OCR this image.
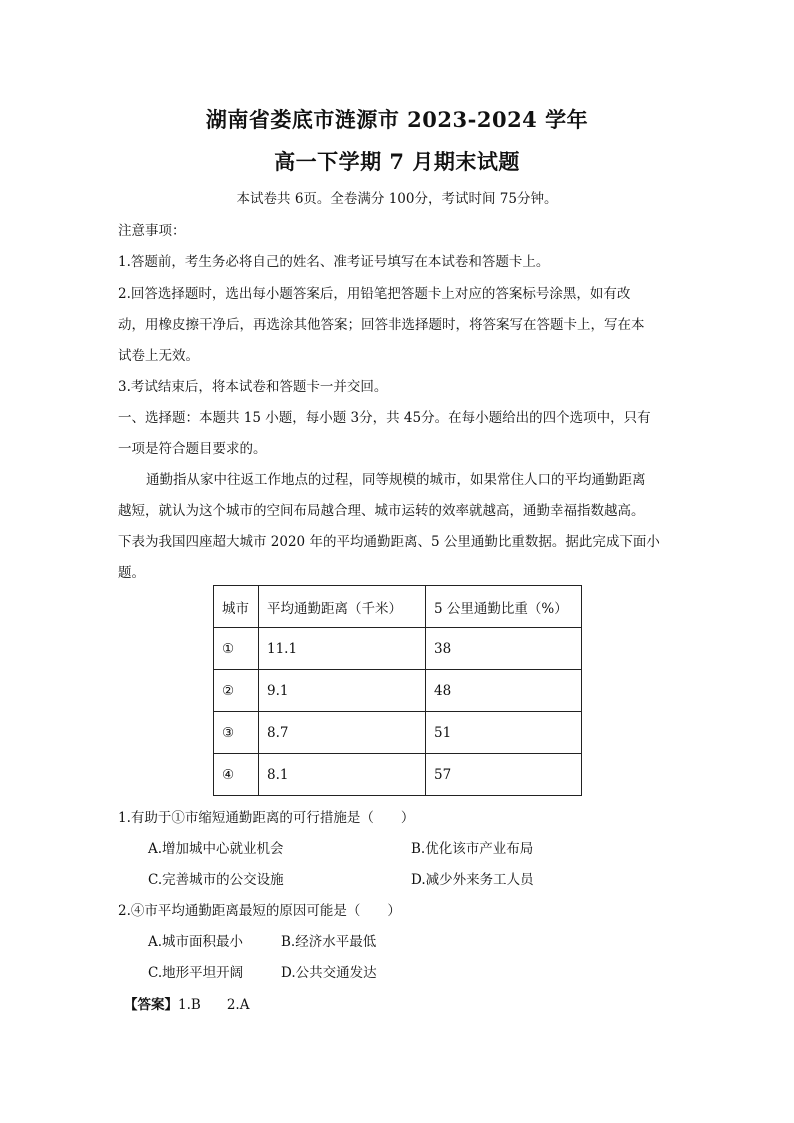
湖南省娄底市涟源市 2023-2024 学年
高一下学期 7 月期末试题
本试卷共 6页。全卷满分 100分，考试时间 75分钟。
注意事项：
1.答题前，考生务必将自己的姓名、准考证号填写在本试卷和答题卡上。
2.回答选择题时，选出每小题答案后，用铅笔把答题卡上对应的答案标号涂黑，如有改
动，用橡皮擦干净后，再选涂其他答案；回答非选择题时，将答案写在答题卡上，写在本
试卷上无效。
3.考试结束后，将本试卷和答题卡一并交回。
一、选择题：本题共 15 小题，每小题 3分，共 45分。在每小题给出的四个选项中，只有
一项是符合题目要求的。
通勤指从家中往返工作地点的过程，同等规模的城市，如果常住人口的平均通勤距离
越短，就认为这个城市的空间布局越合理、城市运转的效率就越高，通勤幸福指数越高。
下表为我国四座超大城市 2020 年的平均通勤距离、5 公里通勤比重数据。据此完成下面小
题。
城市	平均通勤距离（千米）	5 公里通勤比重（%）
①	11.1	38
②	9.1	48
③	8.7	51
④	8.1	57
1.有助于①市缩短通勤距离的可行措施是（　　）
A.增加城中心就业机会	B.优化该市产业布局
C.完善城市的公交设施	D.减少外来务工人员
2.④市平均通勤距离最短的原因可能是（　　）
A.城市面积最小	B.经济水平最低
C.地形平坦开阔	D.公共交通发达
【答案】1.B 2.A
